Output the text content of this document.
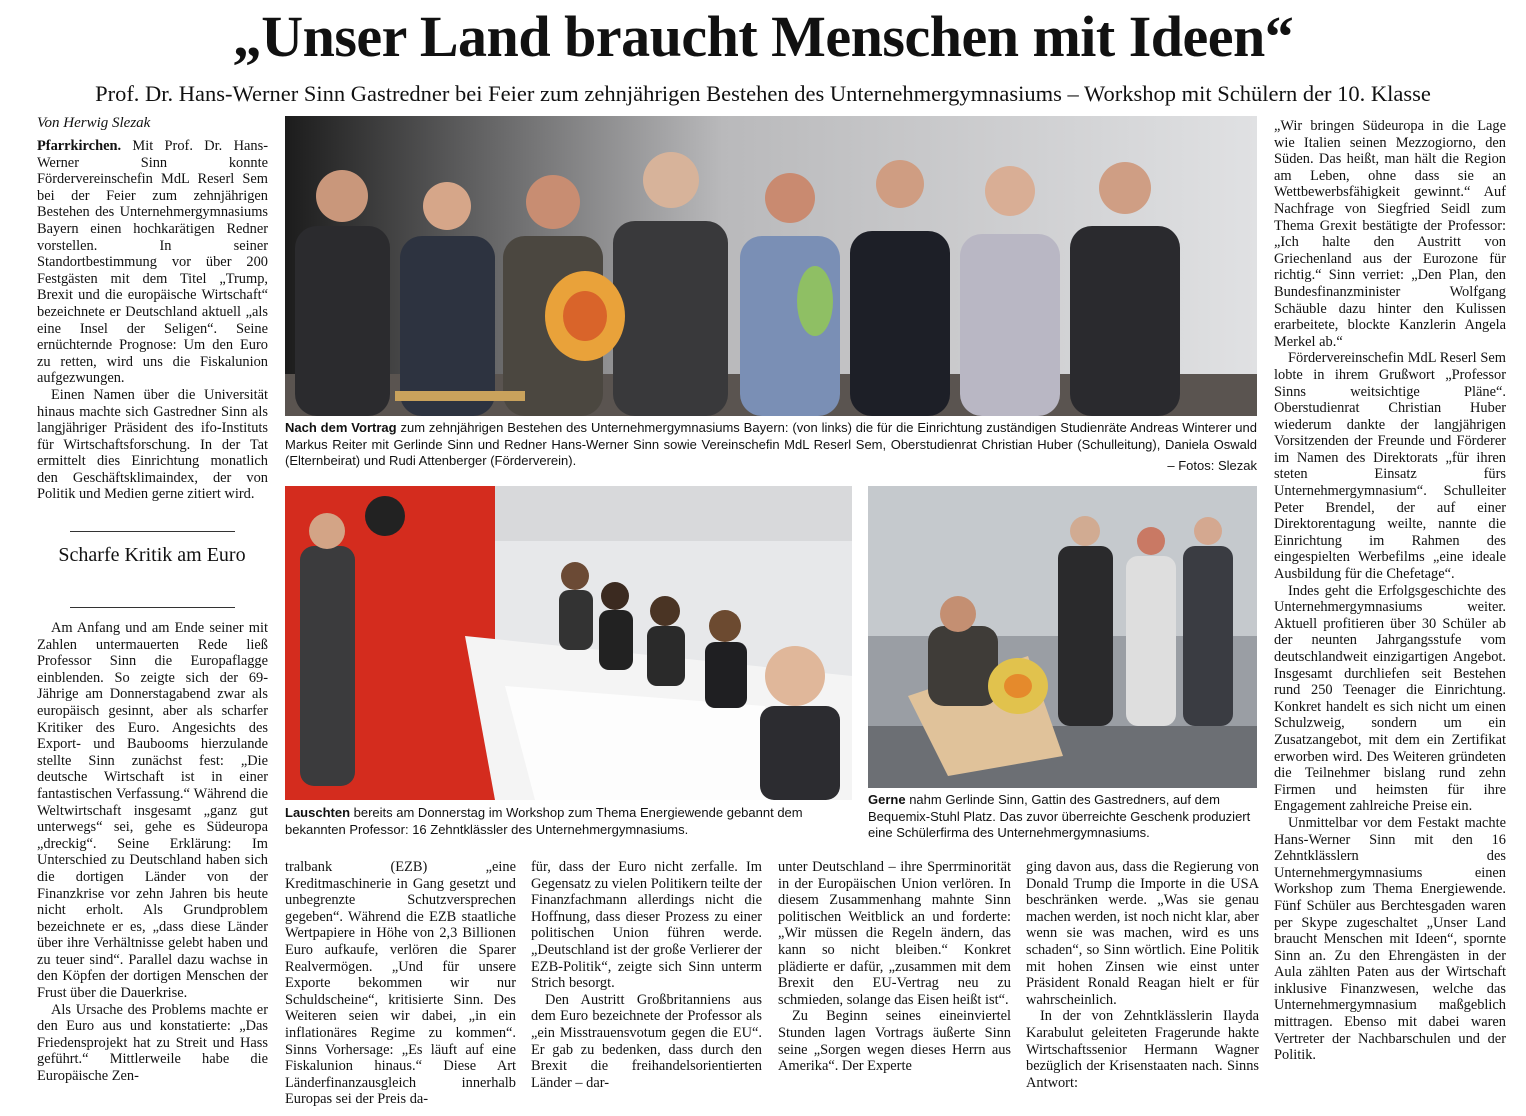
„Unser Land braucht Menschen mit Ideen“
Prof. Dr. Hans-Werner Sinn Gastredner bei Feier zum zehnjährigen Bestehen des Unternehmergymnasiums – Workshop mit Schülern der 10. Klasse
Von Herwig Slezak

Pfarrkirchen. Mit Prof. Dr. Hans-Werner Sinn konnte Fördervereinschefin MdL Reserl Sem bei der Feier zum zehnjährigen Bestehen des Unternehmergymnasiums Bayern einen hochkarätigen Redner vorstellen. In seiner Standortbestimmung vor über 200 Festgästen mit dem Titel „Trump, Brexit und die europäische Wirtschaft“ bezeichnete er Deutschland aktuell „als eine Insel der Seligen“. Seine ernüchternde Prognose: Um den Euro zu retten, wird uns die Fiskalunion aufgezwungen.

Einen Namen über die Universität hinaus machte sich Gastredner Sinn als langjähriger Präsident des ifo-Instituts für Wirtschaftsforschung. In der Tat ermittelt dies Einrichtung monatlich den Geschäftsklimaindex, der von Politik und Medien gerne zitiert wird.

Scharfe Kritik am Euro

Am Anfang und am Ende seiner mit Zahlen untermauerten Rede ließ Professor Sinn die Europaflagge einblenden. So zeigte sich der 69-Jährige am Donnerstagabend zwar als europäisch gesinnt, aber als scharfer Kritiker des Euro. Angesichts des Export- und Baubooms hierzulande stellte Sinn zunächst fest: „Die deutsche Wirtschaft ist in einer fantastischen Verfassung.“ Während die Weltwirtschaft insgesamt „ganz gut unterwegs“ sei, gehe es Südeuropa „dreckig“. Seine Erklärung: Im Unterschied zu Deutschland haben sich die dortigen Länder von der Finanzkrise vor zehn Jahren bis heute nicht erholt. Als Grundproblem bezeichnete er es, „dass diese Länder über ihre Verhältnisse gelebt haben und zu teuer sind“. Parallel dazu wachse in den Köpfen der dortigen Menschen der Frust über die Dauerkrise.

Als Ursache des Problems machte er den Euro aus und konstatierte: „Das Friedensprojekt hat zu Streit und Hass geführt.“ Mittlerweile habe die Europäische Zen-

Nach dem Vortrag zum zehnjährigen Bestehen des Unternehmergymnasiums Bayern: (von links) die für die Einrichtung zuständigen Studienräte Andreas Winterer und Markus Reiter mit Gerlinde Sinn und Redner Hans-Werner Sinn sowie Vereinschefin MdL Reserl Sem, Oberstudienrat Christian Huber (Schulleitung), Daniela Oswald (Elternbeirat) und Rudi Attenberger (Förderverein).	– Fotos: Slezak
Lauschten bereits am Donnerstag im Workshop zum Thema Energiewende gebannt dem bekannten Professor: 16 Zehntklässler des Unternehmergymnasiums.
Gerne nahm Gerlinde Sinn, Gattin des Gastredners, auf dem Bequemix-Stuhl Platz. Das zuvor überreichte Geschenk produziert eine Schülerfirma des Unternehmergymnasiums.

tralbank (EZB) „eine Kreditmaschinerie in Gang gesetzt und unbegrenzte Schutzversprechen gegeben“. Während die EZB staatliche Wertpapiere in Höhe von 2,3 Billionen Euro aufkaufe, verlören die Sparer Realvermögen. „Und für unsere Exporte bekommen wir nur Schuldscheine“, kritisierte Sinn. Des Weiteren seien wir dabei, „in ein inflationäres Regime zu kommen“. Sinns Vorhersage: „Es läuft auf eine Fiskalunion hinaus.“ Diese Art Länderfinanzausgleich innerhalb Europas sei der Preis da-

für, dass der Euro nicht zerfalle. Im Gegensatz zu vielen Politikern teilte der Finanzfachmann allerdings nicht die Hoffnung, dass dieser Prozess zu einer politischen Union führen werde. „Deutschland ist der große Verlierer der EZB-Politik“, zeigte sich Sinn unterm Strich besorgt.

Den Austritt Großbritanniens aus dem Euro bezeichnete der Professor als „ein Misstrauensvotum gegen die EU“. Er gab zu bedenken, dass durch den Brexit die freihandelsorientierten Länder – dar-

unter Deutschland – ihre Sperrminorität in der Europäischen Union verlören. In diesem Zusammenhang mahnte Sinn politischen Weitblick an und forderte: „Wir müssen die Regeln ändern, das kann so nicht bleiben.“ Konkret plädierte er dafür, „zusammen mit dem Brexit den EU-Vertrag neu zu schmieden, solange das Eisen heißt ist“.

Zu Beginn seines eineinviertel Stunden lagen Vortrags äußerte Sinn seine „Sorgen wegen dieses Herrn aus Amerika“. Der Experte

ging davon aus, dass die Regierung von Donald Trump die Importe in die USA beschränken werde. „Was sie genau machen werden, ist noch nicht klar, aber wenn sie was machen, wird es uns schaden“, so Sinn wörtlich. Eine Politik mit hohen Zinsen wie einst unter Präsident Ronald Reagan hielt er für wahrscheinlich.

In der von Zehntklässlerin Ilayda Karabulut geleiteten Fragerunde hakte Wirtschaftssenior Hermann Wagner bezüglich der Krisenstaaten nach. Sinns Antwort:

„Wir bringen Südeuropa in die Lage wie Italien seinen Mezzogiorno, den Süden. Das heißt, man hält die Region am Leben, ohne dass sie an Wettbewerbsfähigkeit gewinnt.“ Auf Nachfrage von Siegfried Seidl zum Thema Grexit bestätigte der Professor: „Ich halte den Austritt von Griechenland aus der Eurozone für richtig.“ Sinn verriet: „Den Plan, den Bundesfinanzminister Wolfgang Schäuble dazu hinter den Kulissen erarbeitete, blockte Kanzlerin Angela Merkel ab.“

Fördervereinschefin MdL Reserl Sem lobte in ihrem Grußwort „Professor Sinns weitsichtige Pläne“. Oberstudienrat Christian Huber wiederum dankte der langjährigen Vorsitzenden der Freunde und Förderer im Namen des Direktorats „für ihren steten Einsatz fürs Unternehmergymnasium“. Schulleiter Peter Brendel, der auf einer Direktorentagung weilte, nannte die Einrichtung im Rahmen des eingespielten Werbefilms „eine ideale Ausbildung für die Chefetage“.

Indes geht die Erfolgsgeschichte des Unternehmergymnasiums weiter. Aktuell profitieren über 30 Schüler ab der neunten Jahrgangsstufe vom deutschlandweit einzigartigen Angebot. Insgesamt durchliefen seit Bestehen rund 250 Teenager die Einrichtung. Konkret handelt es sich nicht um einen Schulzweig, sondern um ein Zusatzangebot, mit dem ein Zertifikat erworben wird. Des Weiteren gründeten die Teilnehmer bislang rund zehn Firmen und heimsten für ihre Engagement zahlreiche Preise ein.

Unmittelbar vor dem Festakt machte Hans-Werner Sinn mit den 16 Zehntklässlern des Unternehmergymnasiums einen Workshop zum Thema Energiewende. Fünf Schüler aus Berchtesgaden waren per Skype zugeschaltet „Unser Land braucht Menschen mit Ideen“, spornte Sinn an. Zu den Ehrengästen in der Aula zählten Paten aus der Wirtschaft inklusive Finanzwesen, welche das Unternehmergymnasium maßgeblich mittragen. Ebenso mit dabei waren Vertreter der Nachbarschulen und der Politik.
